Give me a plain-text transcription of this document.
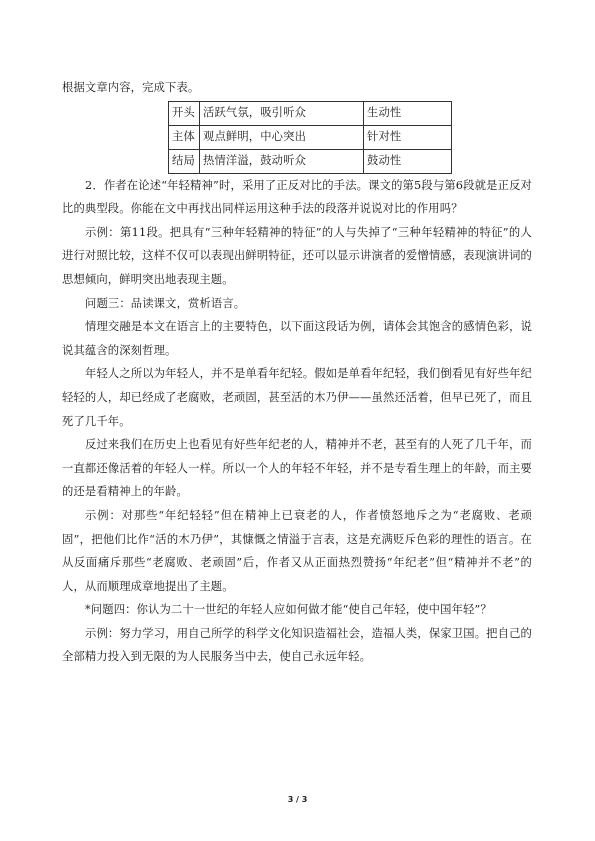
根据文章内容，完成下表。

开头	活跃气氛，吸引听众	生动性
主体	观点鲜明，中心突出	针对性
结局	热情洋溢，鼓动听众	鼓动性

2．作者在论述“年轻精神”时，采用了正反对比的手法。课文的第5段与第6段就是正反对比的典型段。你能在文中再找出同样运用这种手法的段落并说说对比的作用吗？

示例：第11段。把具有“三种年轻精神的特征”的人与失掉了“三种年轻精神的特征”的人进行对照比较，这样不仅可以表现出鲜明特征，还可以显示讲演者的爱憎情感，表现演讲词的思想倾向，鲜明突出地表现主题。

问题三：品读课文，赏析语言。

情理交融是本文在语言上的主要特色，以下面这段话为例，请体会其饱含的感情色彩，说说其蕴含的深刻哲理。

年轻人之所以为年轻人，并不是单看年纪轻。假如是单看年纪轻，我们倒看见有好些年纪轻轻的人，却已经成了老腐败，老顽固，甚至活的木乃伊——虽然还活着，但早已死了，而且死了几千年。

反过来我们在历史上也看见有好些年纪老的人，精神并不老，甚至有的人死了几千年，而一直都还像活着的年轻人一样。所以一个人的年轻不年轻，并不是专看生理上的年龄，而主要的还是看精神上的年龄。

示例：对那些“年纪轻轻”但在精神上已衰老的人，作者愤怒地斥之为“老腐败、老顽固”，把他们比作“活的木乃伊”，其慷慨之情溢于言表，这是充满贬斥色彩的理性的语言。在从反面痛斥那些“老腐败、老顽固”后，作者又从正面热烈赞扬“年纪老”但“精神并不老”的人，从而顺理成章地提出了主题。

*问题四：你认为二十一世纪的年轻人应如何做才能“使自己年轻，使中国年轻”？

示例：努力学习，用自己所学的科学文化知识造福社会，造福人类，保家卫国。把自己的全部精力投入到无限的为人民服务当中去，使自己永远年轻。

3 / 3
